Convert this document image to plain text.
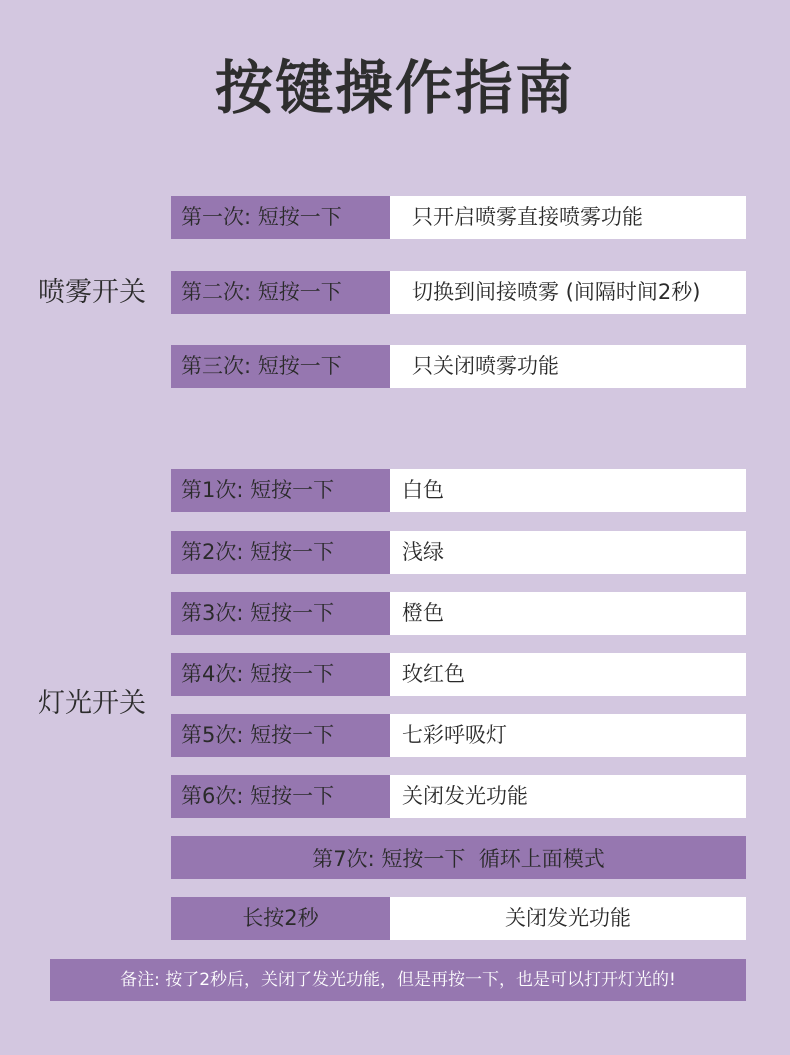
按键操作指南
喷雾开关
第一次: 短按一下	只开启喷雾直接喷雾功能
第二次: 短按一下	切换到间接喷雾 (间隔时间2秒)
第三次: 短按一下	只关闭喷雾功能
灯光开关
第1次: 短按一下	白色
第2次: 短按一下	浅绿
第3次: 短按一下	橙色
第4次: 短按一下	玫红色
第5次: 短按一下	七彩呼吸灯
第6次: 短按一下	关闭发光功能
第7次: 短按一下  循环上面模式
长按2秒	关闭发光功能
备注: 按了2秒后，关闭了发光功能，但是再按一下，也是可以打开灯光的!
